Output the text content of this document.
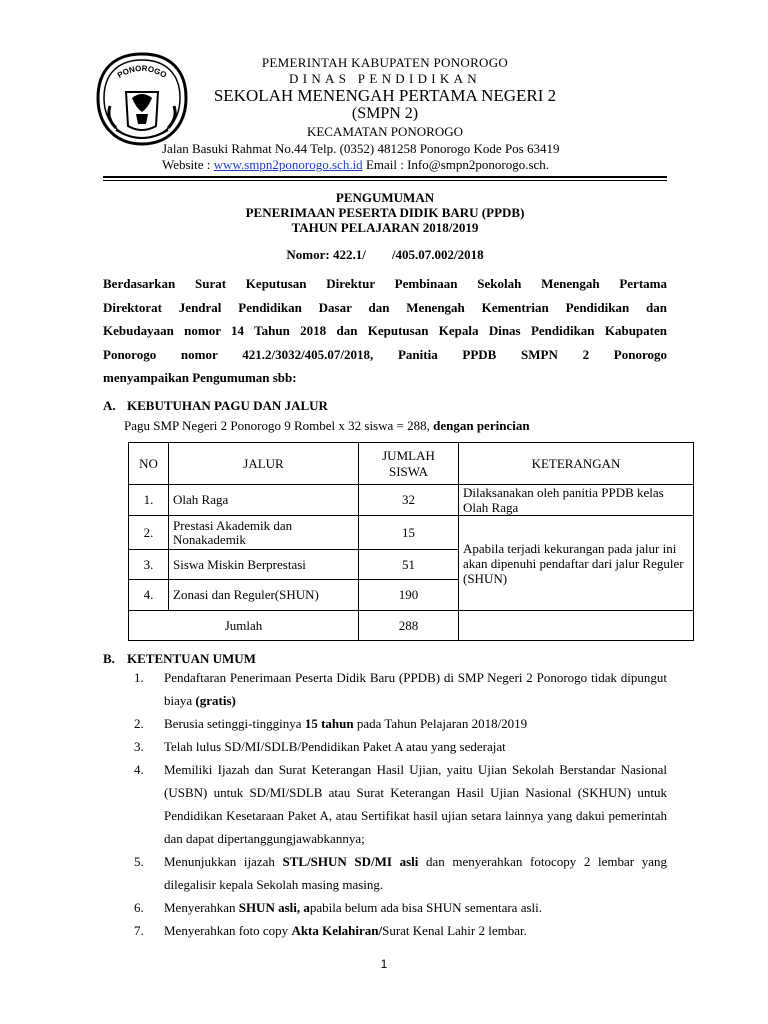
PONOROGO
PEMERINTAH KABUPATEN PONOROGO
DINAS PENDIDIKAN
SEKOLAH MENENGAH PERTAMA NEGERI 2
(SMPN 2)
KECAMATAN PONOROGO
Jalan Basuki Rahmat No.44 Telp. (0352) 481258 Ponorogo Kode Pos 63419
Website : www.smpn2ponorogo.sch.id Email : Info@smpn2ponorogo.sch.
PENGUMUMAN
PENERIMAAN PESERTA DIDIK BARU (PPDB)
TAHUN PELAJARAN 2018/2019
Nomor: 422.1/        /405.07.002/2018
Berdasarkan Surat Keputusan Direktur Pembinaan Sekolah Menengah Pertama
Direktorat Jendral Pendidikan Dasar dan Menengah Kementrian Pendidikan dan
Kebudayaan nomor 14 Tahun 2018 dan Keputusan Kepala Dinas Pendidikan Kabupaten
Ponorogo nomor 421.2/3032/405.07/2018, Panitia PPDB SMPN 2 Ponorogo
menyampaikan Pengumuman sbb:
A. KEBUTUHAN PAGU DAN JALUR
Pagu SMP Negeri 2 Ponorogo 9 Rombel x 32 siswa = 288, dengan perincian
NO	JALUR	JUMLAH SISWA	KETERANGAN
1.	Olah Raga	32	Dilaksanakan oleh panitia PPDB kelas Olah Raga
2.	Prestasi Akademik dan Nonakademik	15	Apabila terjadi kekurangan pada jalur ini akan dipenuhi pendaftar dari jalur Reguler (SHUN)
3.	Siswa Miskin Berprestasi	51	
4.	Zonasi dan Reguler(SHUN)	190	
Jumlah		288	
B. KETENTUAN UMUM
1. Pendaftaran Penerimaan Peserta Didik Baru (PPDB) di SMP Negeri 2 Ponorogo tidak dipungut biaya (gratis)
2. Berusia setinggi-tingginya 15 tahun pada Tahun Pelajaran 2018/2019
3. Telah lulus SD/MI/SDLB/Pendidikan Paket A atau yang sederajat
4. Memiliki Ijazah dan Surat Keterangan Hasil Ujian, yaitu Ujian Sekolah Berstandar Nasional (USBN) untuk SD/MI/SDLB atau Surat Keterangan Hasil Ujian Nasional (SKHUN) untuk Pendidikan Kesetaraan Paket A, atau Sertifikat hasil ujian setara lainnya yang dakui pemerintah dan dapat dipertanggungjawabkannya;
5. Menunjukkan ijazah STL/SHUN SD/MI asli dan menyerahkan fotocopy 2 lembar yang dilegalisir kepala Sekolah masing masing.
6. Menyerahkan SHUN asli, apabila belum ada bisa SHUN sementara asli.
7. Menyerahkan foto copy Akta Kelahiran/Surat Kenal Lahir 2 lembar.
1
